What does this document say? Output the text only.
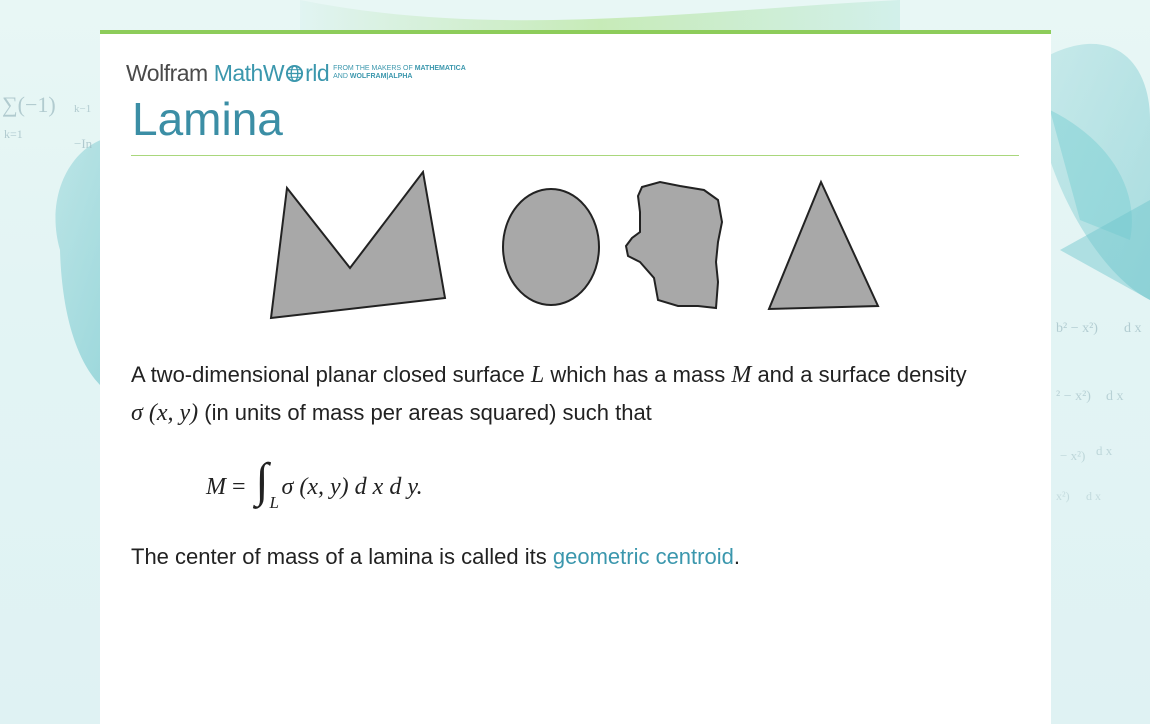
∑(−1) k−1
k=1
−In
b² − x²) d x
² − x²) d x
− x²) d x
x²) d x
Wolfram Math W rld FROM THE MAKERS OF MATHEMATICA
AND WOLFRAM|ALPHA
Lamina

A two-dimensional planar closed surface L which has a mass M and a surface density
σ (x, y) (in units of mass per areas squared) such that

M = ∫ L
σ (x, y) d x d y.

The center of mass of a lamina is called its geometric centroid.
